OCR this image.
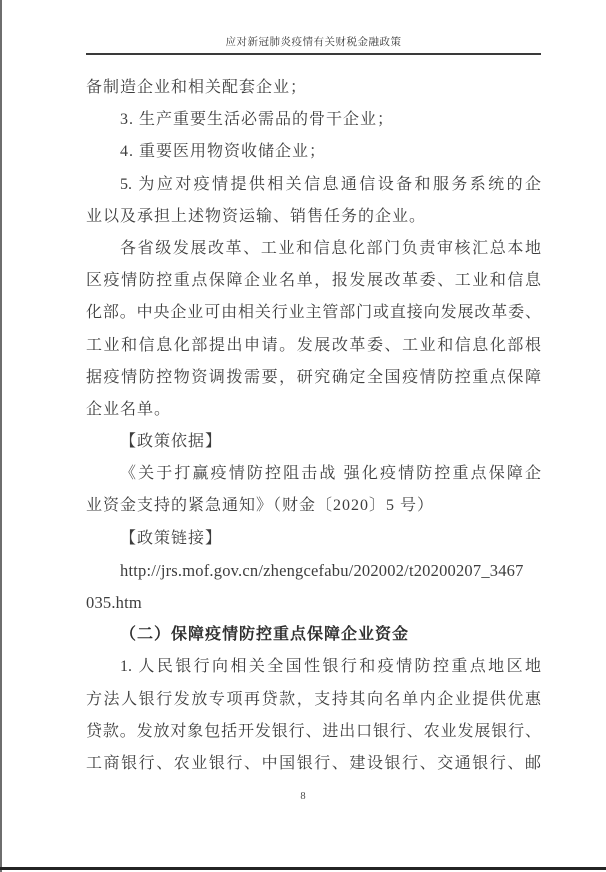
应对新冠肺炎疫情有关财税金融政策
备制造企业和相关配套企业；
3. 生产重要生活必需品的骨干企业；
4. 重要医用物资收储企业；
5. 为应对疫情提供相关信息通信设备和服务系统的企
业以及承担上述物资运输、销售任务的企业。
各省级发展改革、工业和信息化部门负责审核汇总本地
区疫情防控重点保障企业名单，报发展改革委、工业和信息
化部。中央企业可由相关行业主管部门或直接向发展改革委、
工业和信息化部提出申请。发展改革委、工业和信息化部根
据疫情防控物资调拨需要，研究确定全国疫情防控重点保障
企业名单。
【政策依据】
《关于打赢疫情防控阻击战 强化疫情防控重点保障企
业资金支持的紧急通知》（财金〔2020〕5 号）
【政策链接】
http://jrs.mof.gov.cn/zhengcefabu/202002/t20200207_3467
035.htm
（二）保障疫情防控重点保障企业资金
1. 人民银行向相关全国性银行和疫情防控重点地区地
方法人银行发放专项再贷款，支持其向名单内企业提供优惠
贷款。发放对象包括开发银行、进出口银行、农业发展银行、
工商银行、农业银行、中国银行、建设银行、交通银行、邮
8
